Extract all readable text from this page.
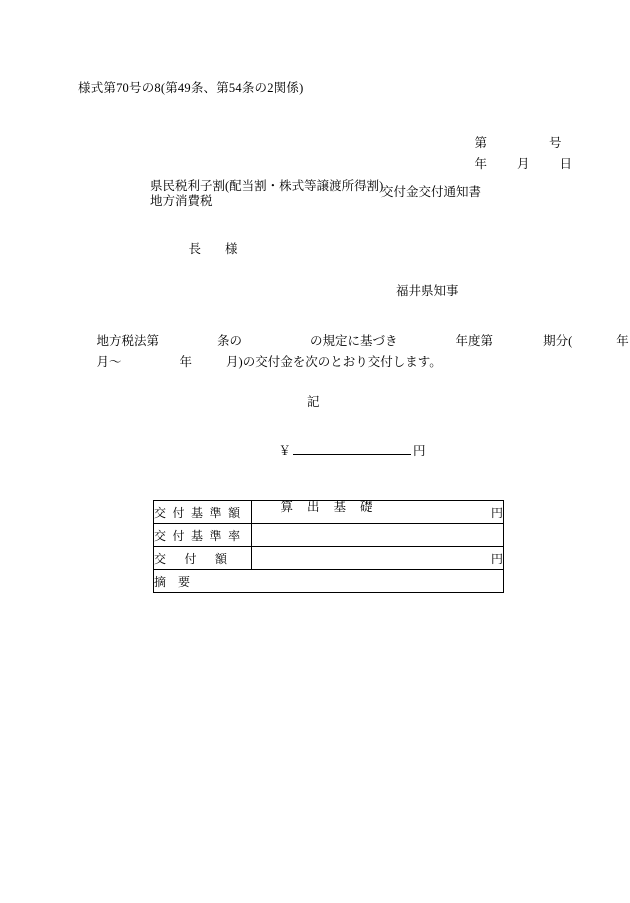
様式第70号の8(第49条、第54条の2関係)

第	号

年 月 日

県民税利子割(配当割・株式等譲渡所得割)
地方消費税
交付金交付通知書

長 様

福井県知事

地方税法第	条の	の規定に基づき	年度第	期分(	年

月～	年	月)の交付金を次のとおり交付します。

記

￥	円

算 出 基 礎

交 付 基 準 額	円
交 付 基 準 率	
交 付 額	円
摘　要	
